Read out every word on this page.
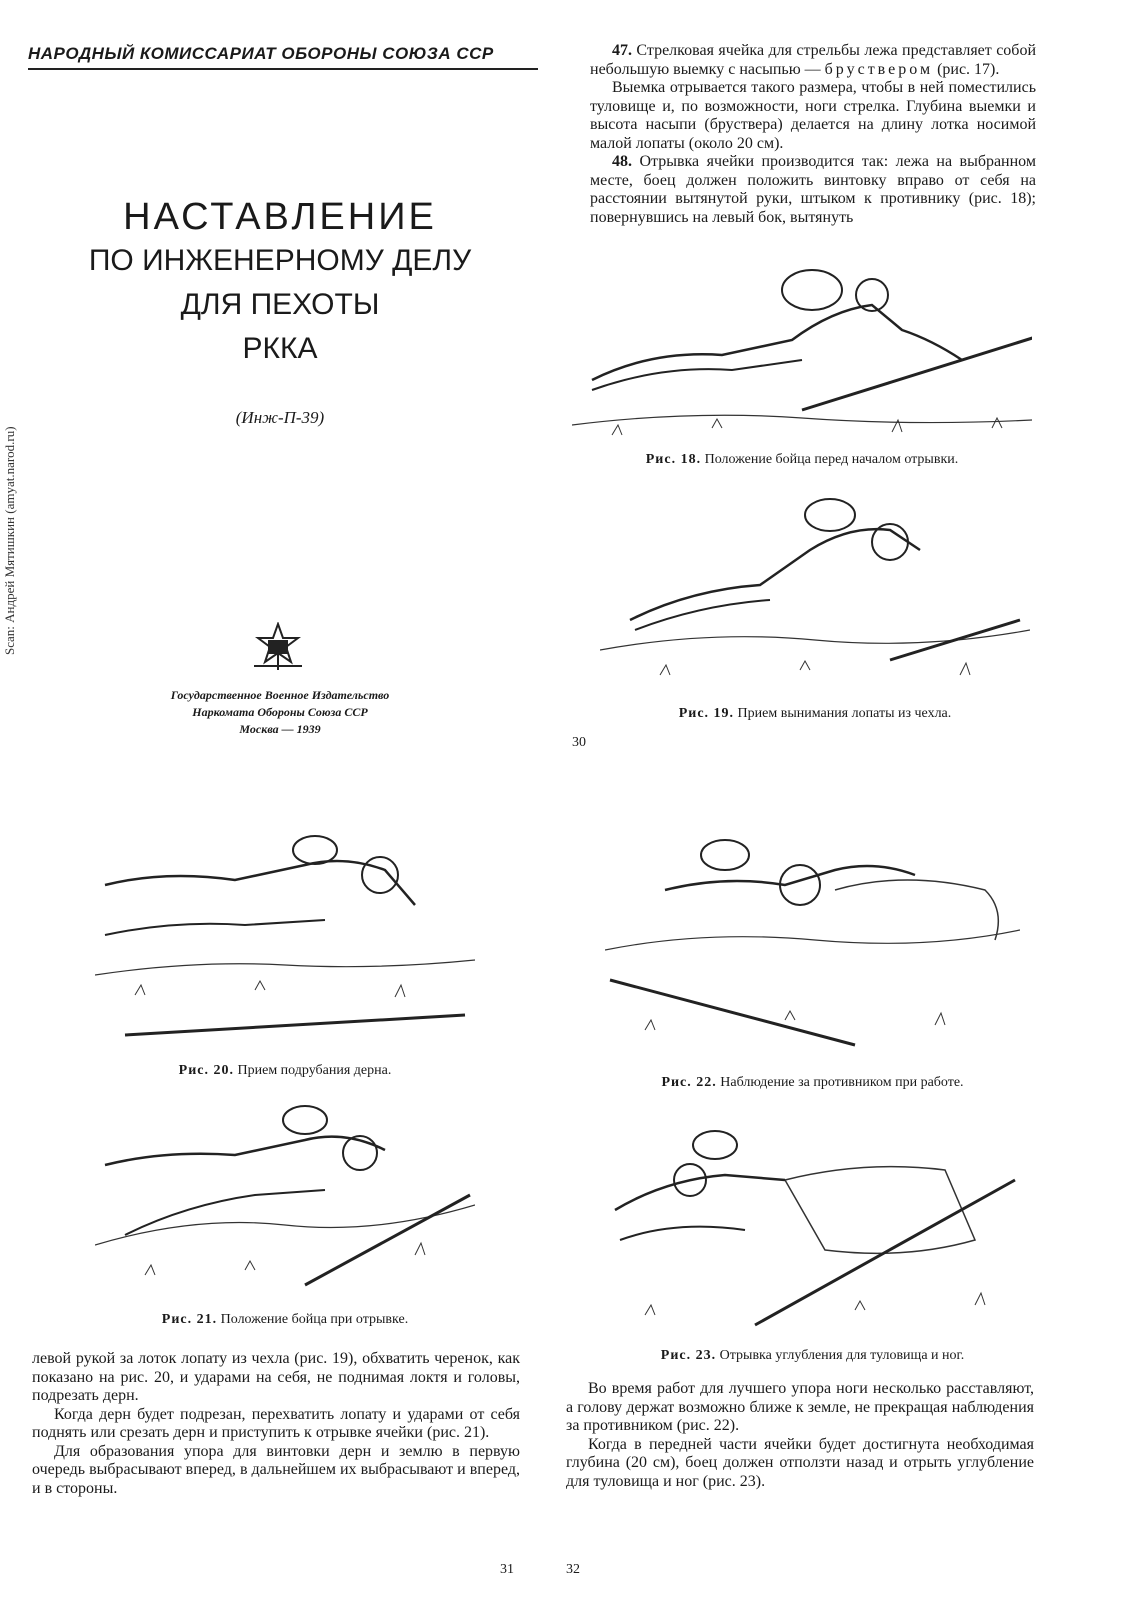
Scan: Андрей Мятишкин (amyat.narod.ru)
НАРОДНЫЙ КОМИССАРИАТ ОБОРОНЫ СОЮЗА ССР
НАСТАВЛЕНИЕ
ПО ИНЖЕНЕРНОМУ ДЕЛУ
ДЛЯ ПЕХОТЫ
РККА
(Инж-П-39)
Государственное Военное Издательство
Наркомата Обороны Союза ССР
Москва — 1939

47. Стрелковая ячейка для стрельбы лежа представляет собой небольшую выемку с насыпью — бруствером (рис. 17).

Выемка отрывается такого размера, чтобы в ней поместились туловище и, по возможности, ноги стрелка. Глубина выемки и высота насыпи (бруствера) делается на длину лотка носимой малой лопаты (около 20 см).

48. Отрывка ячейки производится так: лежа на выбранном месте, боец должен положить винтовку вправо от себя на расстоянии вытянутой руки, штыком к противнику (рис. 18); повернувшись на левый бок, вытянуть

Рис. 18. Положение бойца перед началом отрывки.
Рис. 19. Прием вынимания лопаты из чехла.
30
Рис. 20. Прием подрубания дерна.
Рис. 21. Положение бойца при отрывке.

левой рукой за лоток лопату из чехла (рис. 19), обхватить черенок, как показано на рис. 20, и ударами на себя, не поднимая локтя и головы, подрезать дерн.

Когда дерн будет подрезан, перехватить лопату и ударами от себя поднять или срезать дерн и приступить к отрывке ячейки (рис. 21).

Для образования упора для винтовки дерн и землю в первую очередь выбрасывают вперед, в дальнейшем их выбрасывают и вперед, и в стороны.

31
Рис. 22. Наблюдение за противником при работе.
Рис. 23. Отрывка углубления для туловища и ног.

Во время работ для лучшего упора ноги несколько расставляют, а голову держат возможно ближе к земле, не прекращая наблюдения за противником (рис. 22).

Когда в передней части ячейки будет достигнута необходимая глубина (20 см), боец должен отползти назад и отрыть углубление для туловища и ног (рис. 23).

32
